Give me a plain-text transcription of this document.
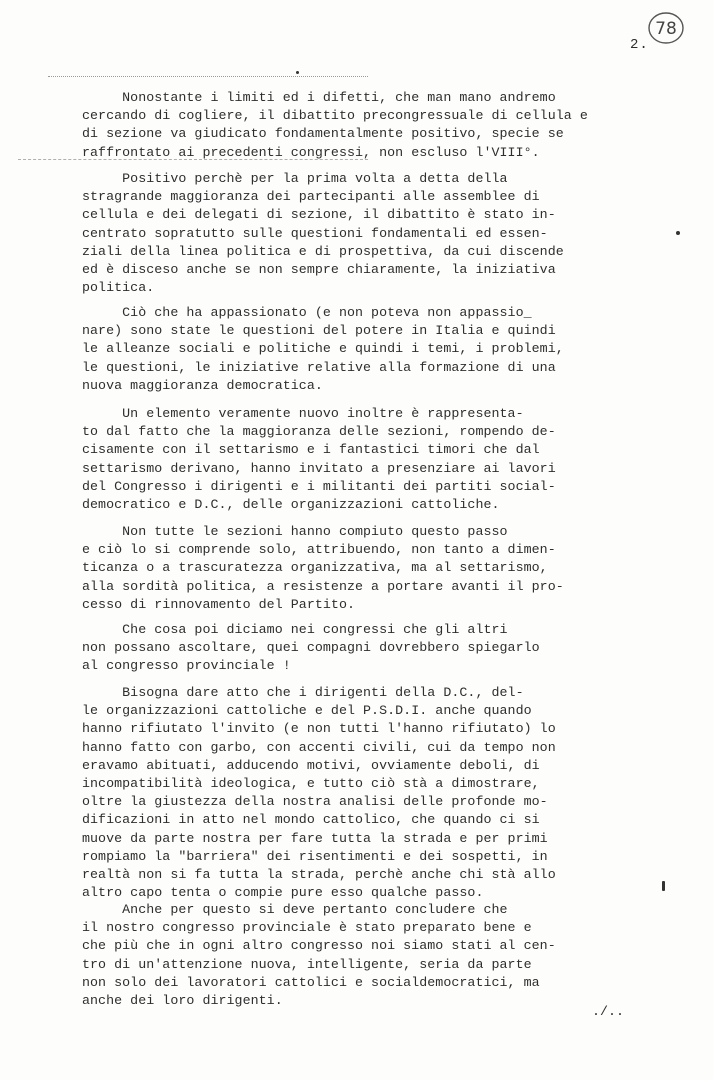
78
2.

Nonostante i limiti ed i difetti, che man mano andremo
cercando di cogliere, il dibattito precongressuale di cellula e
di sezione va giudicato fondamentalmente positivo, specie se
raffrontato ai precedenti congressi, non escluso l'VIII°.

Positivo perchè per la prima volta a detta della
stragrande maggioranza dei partecipanti alle assemblee di
cellula e dei delegati di sezione, il dibattito è stato in-
centrato sopratutto sulle questioni fondamentali ed essen-
ziali della linea politica e di prospettiva, da cui discende
ed è disceso anche se non sempre chiaramente, la iniziativa
politica.

Ciò che ha appassionato (e non poteva non appassio_
nare) sono state le questioni del potere in Italia e quindi
le alleanze sociali e politiche e quindi i temi, i problemi,
le questioni, le iniziative relative alla formazione di una
nuova maggioranza democratica.

Un elemento veramente nuovo inoltre è rappresenta-
to dal fatto che la maggioranza delle sezioni, rompendo de-
cisamente con il settarismo e i fantastici timori che dal
settarismo derivano, hanno invitato a presenziare ai lavori
del Congresso i dirigenti e i militanti dei partiti social-
democratico e D.C., delle organizzazioni cattoliche.

Non tutte le sezioni hanno compiuto questo passo
e ciò lo si comprende solo, attribuendo, non tanto a dimen-
ticanza o a trascuratezza organizzativa, ma al settarismo,
alla sordità politica, a resistenze a portare avanti il pro-
cesso di rinnovamento del Partito.

Che cosa poi diciamo nei congressi che gli altri
non possano ascoltare, quei compagni dovrebbero spiegarlo
al congresso provinciale !

Bisogna dare atto che i dirigenti della D.C., del-
le organizzazioni cattoliche e del P.S.D.I. anche quando
hanno rifiutato l'invito (e non tutti l'hanno rifiutato) lo
hanno fatto con garbo, con accenti civili, cui da tempo non
eravamo abituati, adducendo motivi, ovviamente deboli, di
incompatibilità ideologica, e tutto ciò stà a dimostrare,
oltre la giustezza della nostra analisi delle profonde mo-
dificazioni in atto nel mondo cattolico, che quando ci si
muove da parte nostra per fare tutta la strada e per primi
rompiamo la "barriera" dei risentimenti e dei sospetti, in
realtà non si fa tutta la strada, perchè anche chi stà allo
altro capo tenta o compie pure esso qualche passo.

Anche per questo si deve pertanto concludere che
il nostro congresso provinciale è stato preparato bene e
che più che in ogni altro congresso noi siamo stati al cen-
tro di un'attenzione nuova, intelligente, seria da parte
non solo dei lavoratori cattolici e socialdemocratici, ma
anche dei loro dirigenti.

./..
